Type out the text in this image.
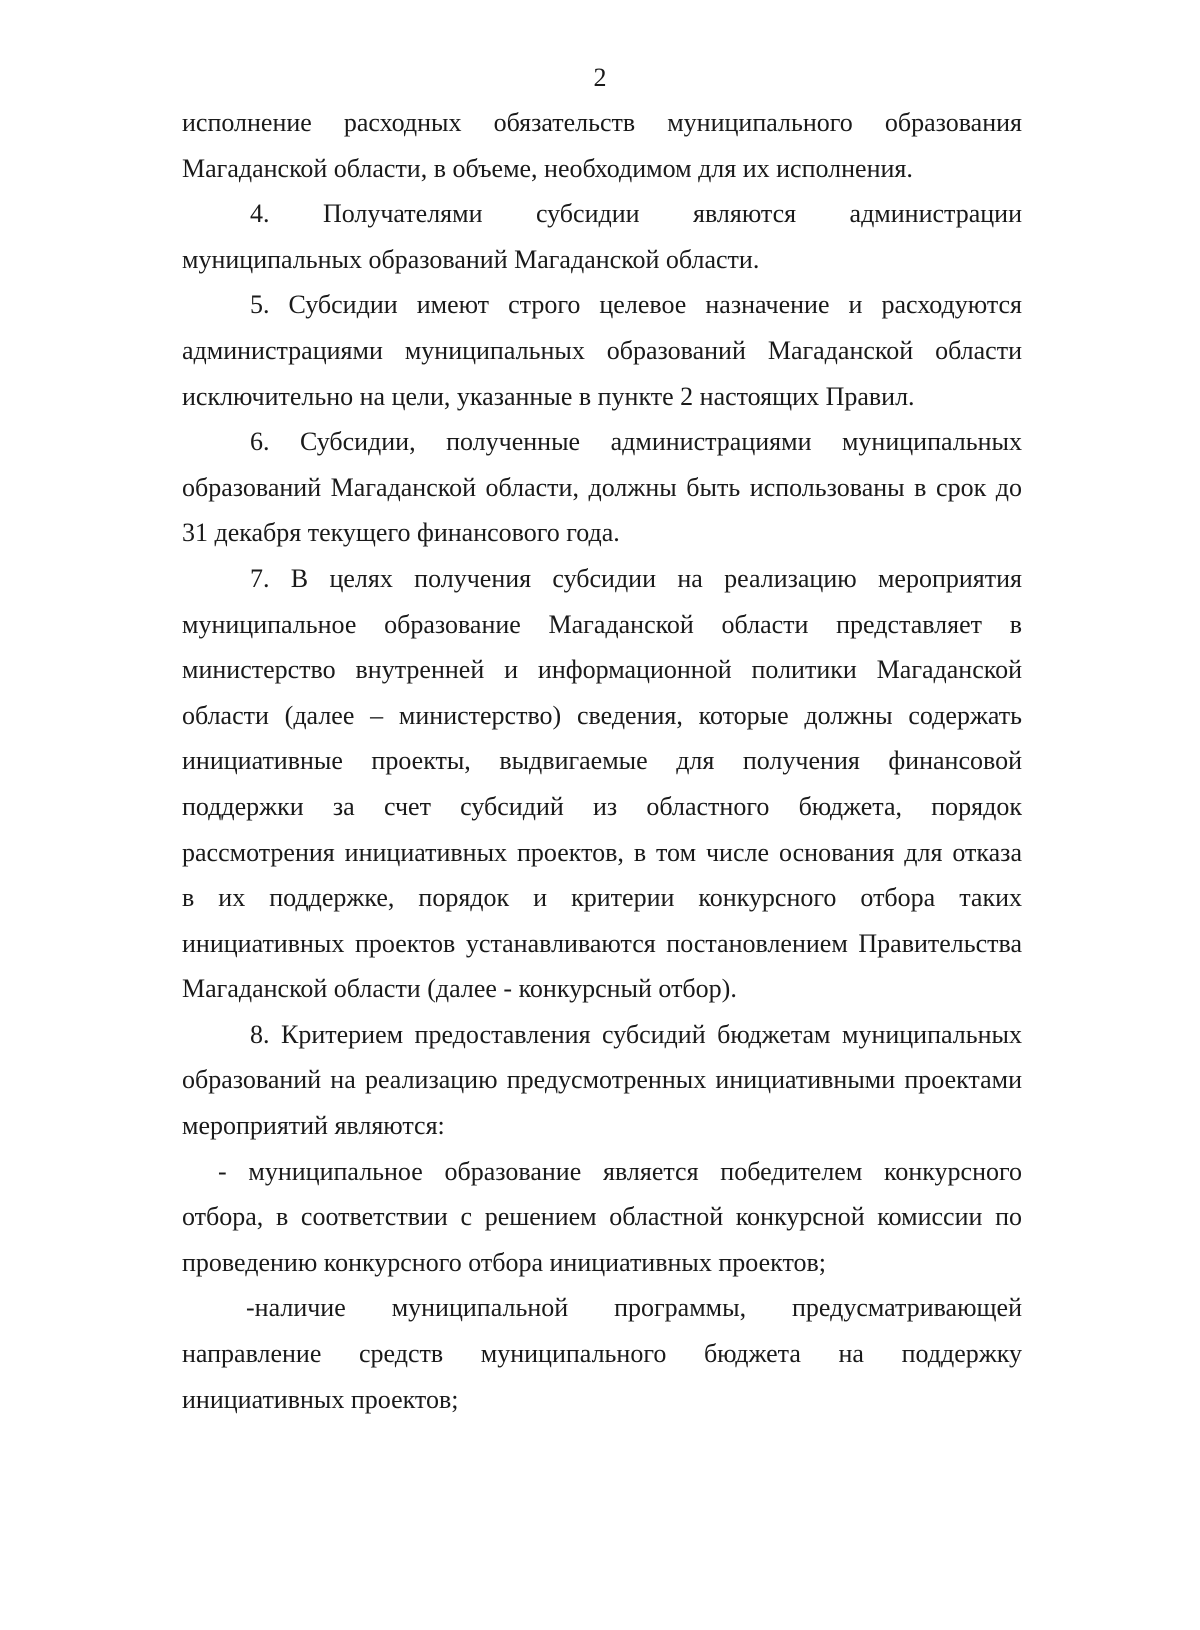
2
исполнение расходных обязательств муниципального образования
Магаданской области, в объеме, необходимом для их исполнения.
4. Получателями субсидии являются администрации
муниципальных образований Магаданской области.
5. Субсидии имеют строго целевое назначение и расходуются
администрациями муниципальных образований Магаданской области
исключительно на цели, указанные в пункте 2 настоящих Правил.
6. Субсидии, полученные администрациями муниципальных
образований Магаданской области, должны быть использованы в срок до
31 декабря текущего финансового года.
7. В целях получения субсидии на реализацию мероприятия
муниципальное образование Магаданской области представляет в
министерство внутренней и информационной политики Магаданской
области (далее – министерство) сведения, которые должны содержать
инициативные проекты, выдвигаемые для получения финансовой
поддержки за счет субсидий из областного бюджета, порядок
рассмотрения инициативных проектов, в том числе основания для отказа
в их поддержке, порядок и критерии конкурсного отбора таких
инициативных проектов устанавливаются постановлением Правительства
Магаданской области (далее - конкурсный отбор).
8. Критерием предоставления субсидий бюджетам муниципальных
образований на реализацию предусмотренных инициативными проектами
мероприятий являются:
- муниципальное образование является победителем конкурсного
отбора, в соответствии с решением областной конкурсной комиссии по
проведению конкурсного отбора инициативных проектов;
-наличие муниципальной программы, предусматривающей
направление средств муниципального бюджета на поддержку
инициативных проектов;
